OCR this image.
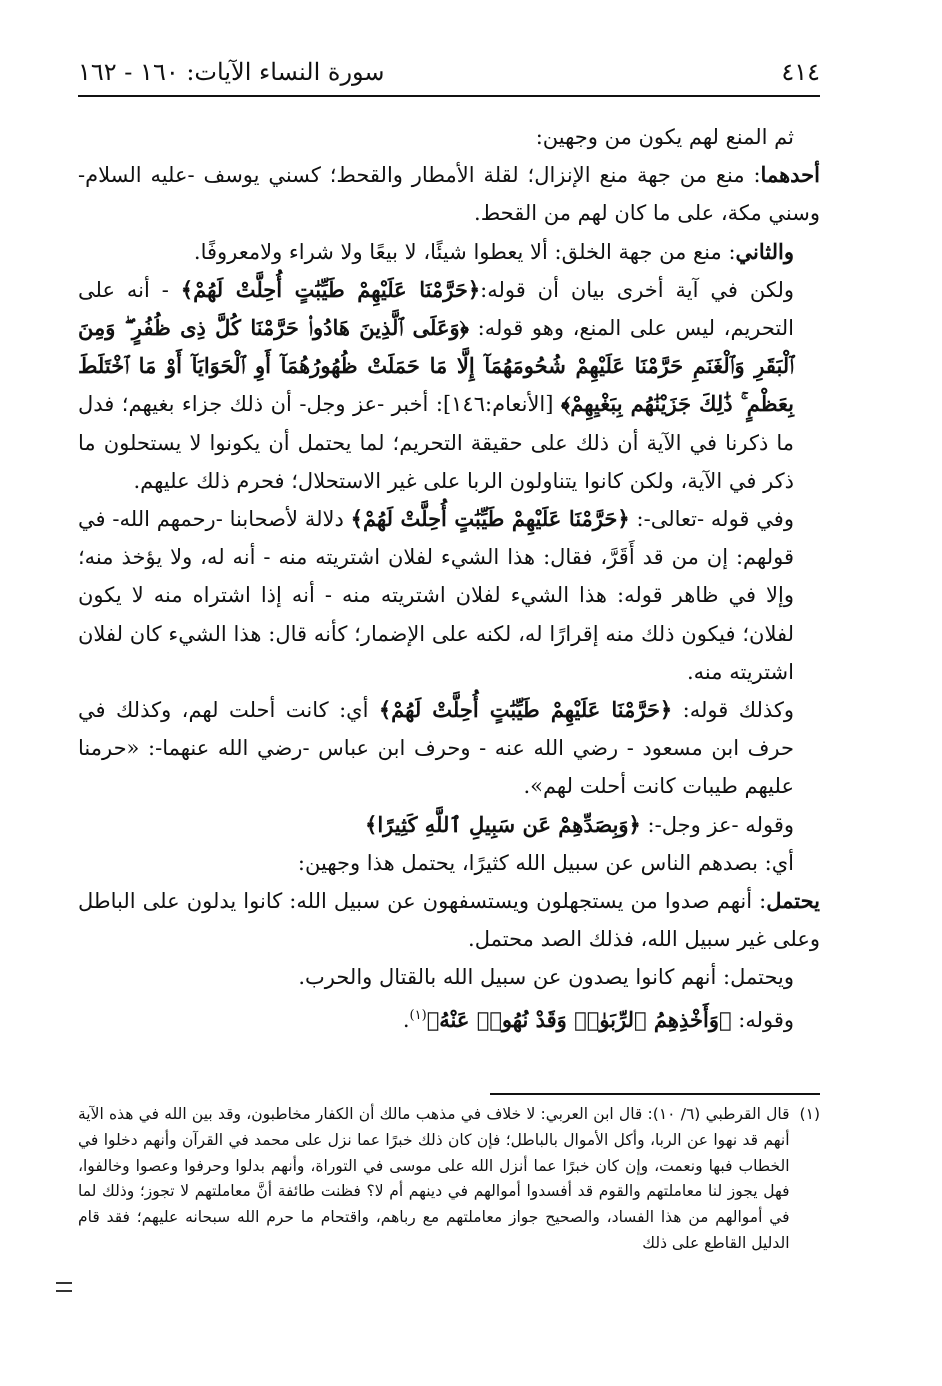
٤١٤
سورة النساء الآيات: ١٦٠ - ١٦٢

ثم المنع لهم يكون من وجهين:

أحدهما: منع من جهة منع الإنزال؛ لقلة الأمطار والقحط؛ كسني يوسف -عليه السلام- وسني مكة، على ما كان لهم من القحط.

والثاني: منع من جهة الخلق: ألا يعطوا شيئًا، لا بيعًا ولا شراء ولامعروفًا.

ولكن في آية أخرى بيان أن قوله:﴿حَرَّمْنَا عَلَيْهِمْ طَيِّبَٰتٍ أُحِلَّتْ لَهُمْ﴾ - أنه على التحريم، ليس على المنع، وهو قوله: ﴿وَعَلَى ٱلَّذِينَ هَادُوا۟ حَرَّمْنَا كُلَّ ذِى ظُفُرٍ ۖ وَمِنَ ٱلْبَقَرِ وَٱلْغَنَمِ حَرَّمْنَا عَلَيْهِمْ شُحُومَهُمَآ إِلَّا مَا حَمَلَتْ ظُهُورُهُمَآ أَوِ ٱلْحَوَايَآ أَوْ مَا ٱخْتَلَطَ بِعَظْمٍ ۚ ذَٰلِكَ جَزَيْنَٰهُم بِبَغْيِهِمْ﴾ [الأنعام:١٤٦]: أخبر -عز وجل- أن ذلك جزاء بغيهم؛ فدل ما ذكرنا في الآية أن ذلك على حقيقة التحريم؛ لما يحتمل أن يكونوا لا يستحلون ما ذكر في الآية، ولكن كانوا يتناولون الربا على غير الاستحلال؛ فحرم ذلك عليهم.

وفي قوله -تعالى-: ﴿حَرَّمْنَا عَلَيْهِمْ طَيِّبَٰتٍ أُحِلَّتْ لَهُمْ﴾ دلالة لأصحابنا -رحمهم الله- في قولهم: إن من قد أَقَرَّ، فقال: هذا الشيء لفلان اشتريته منه - أنه له، ولا يؤخذ منه؛ وإلا في ظاهر قوله: هذا الشيء لفلان اشتريته منه - أنه إذا اشتراه منه لا يكون لفلان؛ فيكون ذلك منه إقرارًا له، لكنه على الإضمار؛ كأنه قال: هذا الشيء كان لفلان اشتريته منه.

وكذلك قوله: ﴿حَرَّمْنَا عَلَيْهِمْ طَيِّبَٰتٍ أُحِلَّتْ لَهُمْ﴾ أي: كانت أحلت لهم، وكذلك في حرف ابن مسعود - رضي الله عنه - وحرف ابن عباس -رضي الله عنهما-: «حرمنا عليهم طيبات كانت أحلت لهم».

وقوله -عز وجل-: ﴿وَبِصَدِّهِمْ عَن سَبِيلِ ٱللَّهِ كَثِيرًا﴾

أي: بصدهم الناس عن سبيل الله كثيرًا، يحتمل هذا وجهين:

يحتمل: أنهم صدوا من يستجهلون ويستسفهون عن سبيل الله: كانوا يدلون على الباطل وعلى غير سبيل الله، فذلك الصد محتمل.

ويحتمل: أنهم كانوا يصدون عن سبيل الله بالقتال والحرب.

وقوله: ﴿وَأَخْذِهِمُ ٱلرِّبَوٰا۟ وَقَدْ نُهُوا۟ عَنْهُ﴾$^{(١)}$.

(١)
قال القرطبي (٦/ ١٠): قال ابن العربي: لا خلاف في مذهب مالك أن الكفار مخاطبون، وقد بين الله في هذه الآية أنهم قد نهوا عن الربا، وأكل الأموال بالباطل؛ فإن كان ذلك خبرًا عما نزل على محمد في القرآن وأنهم دخلوا في الخطاب فبها ونعمت، وإن كان خبرًا عما أنزل الله على موسى في التوراة، وأنهم بدلوا وحرفوا وعصوا وخالفوا، فهل يجوز لنا معاملتهم والقوم قد أفسدوا أموالهم في دينهم أم لا؟ فظنت طائفة أنَّ معاملتهم لا تجوز؛ وذلك لما في أموالهم من هذا الفساد، والصحيح جواز معاملتهم مع رباهم، واقتحام ما حرم الله سبحانه عليهم؛ فقد قام الدليل القاطع على ذلك
